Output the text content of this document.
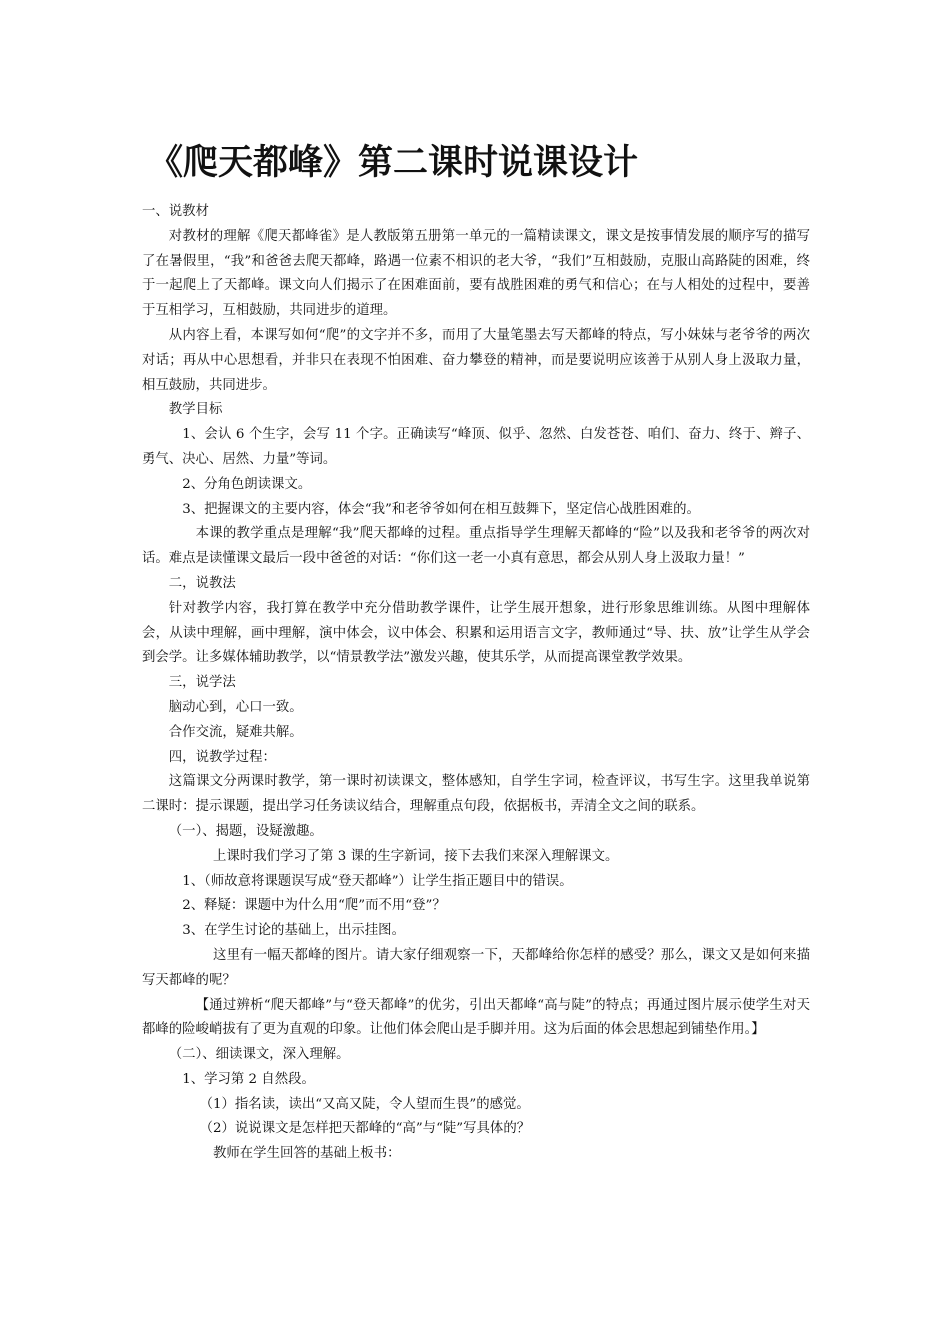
《爬天都峰》第二课时说课设计

一、说教材

对教材的理解《爬天都峰雀》是人教版第五册第一单元的一篇精读课文，课文是按事情发展的顺序写的描写了在暑假里，“我”和爸爸去爬天都峰，路遇一位素不相识的老大爷，“我们”互相鼓励，克服山高路陡的困难，终于一起爬上了天都峰。课文向人们揭示了在困难面前，要有战胜困难的勇气和信心；在与人相处的过程中，要善于互相学习，互相鼓励，共同进步的道理。

从内容上看，本课写如何“爬”的文字并不多，而用了大量笔墨去写天都峰的特点，写小妹妹与老爷爷的两次对话；再从中心思想看，并非只在表现不怕困难、奋力攀登的精神，而是要说明应该善于从别人身上汲取力量，相互鼓励，共同进步。

教学目标

1、会认 6 个生字，会写 11 个字。正确读写“峰顶、似乎、忽然、白发苍苍、咱们、奋力、终于、辫子、勇气、决心、居然、力量”等词。

2、分角色朗读课文。

3、把握课文的主要内容，体会“我”和老爷爷如何在相互鼓舞下，坚定信心战胜困难的。

本课的教学重点是理解“我”爬天都峰的过程。重点指导学生理解天都峰的“险”以及我和老爷爷的两次对话。难点是读懂课文最后一段中爸爸的对话：“你们这一老一小真有意思，都会从别人身上汲取力量！”

二，说教法

针对教学内容，我打算在教学中充分借助教学课件，让学生展开想象，进行形象思维训练。从图中理解体会，从读中理解，画中理解，演中体会，议中体会、积累和运用语言文字，教师通过“导、扶、放”让学生从学会到会学。让多媒体辅助教学，以“情景教学法”激发兴趣，使其乐学，从而提高课堂教学效果。

三，说学法

脑动心到，心口一致。

合作交流，疑难共解。

四，说教学过程：

这篇课文分两课时教学，第一课时初读课文，整体感知，自学生字词，检查评议，书写生字。这里我单说第二课时：提示课题，提出学习任务读议结合，理解重点句段，依据板书，弄清全文之间的联系。

（一）、揭题，设疑激趣。

上课时我们学习了第 3 课的生字新词，接下去我们来深入理解课文。

1、（师故意将课题误写成“登天都峰”）让学生指正题目中的错误。

2、释疑：课题中为什么用“爬”而不用“登”？

3、在学生讨论的基础上，出示挂图。

这里有一幅天都峰的图片。请大家仔细观察一下，天都峰给你怎样的感受？那么，课文又是如何来描写天都峰的呢？

【通过辨析“爬天都峰”与“登天都峰”的优劣，引出天都峰“高与陡”的特点；再通过图片展示使学生对天都峰的险峻峭拔有了更为直观的印象。让他们体会爬山是手脚并用。这为后面的体会思想起到铺垫作用。】

（二）、细读课文，深入理解。

1、学习第 2 自然段。

（1）指名读，读出“又高又陡，令人望而生畏”的感觉。

（2）说说课文是怎样把天都峰的“高”与“陡”写具体的？

教师在学生回答的基础上板书：
